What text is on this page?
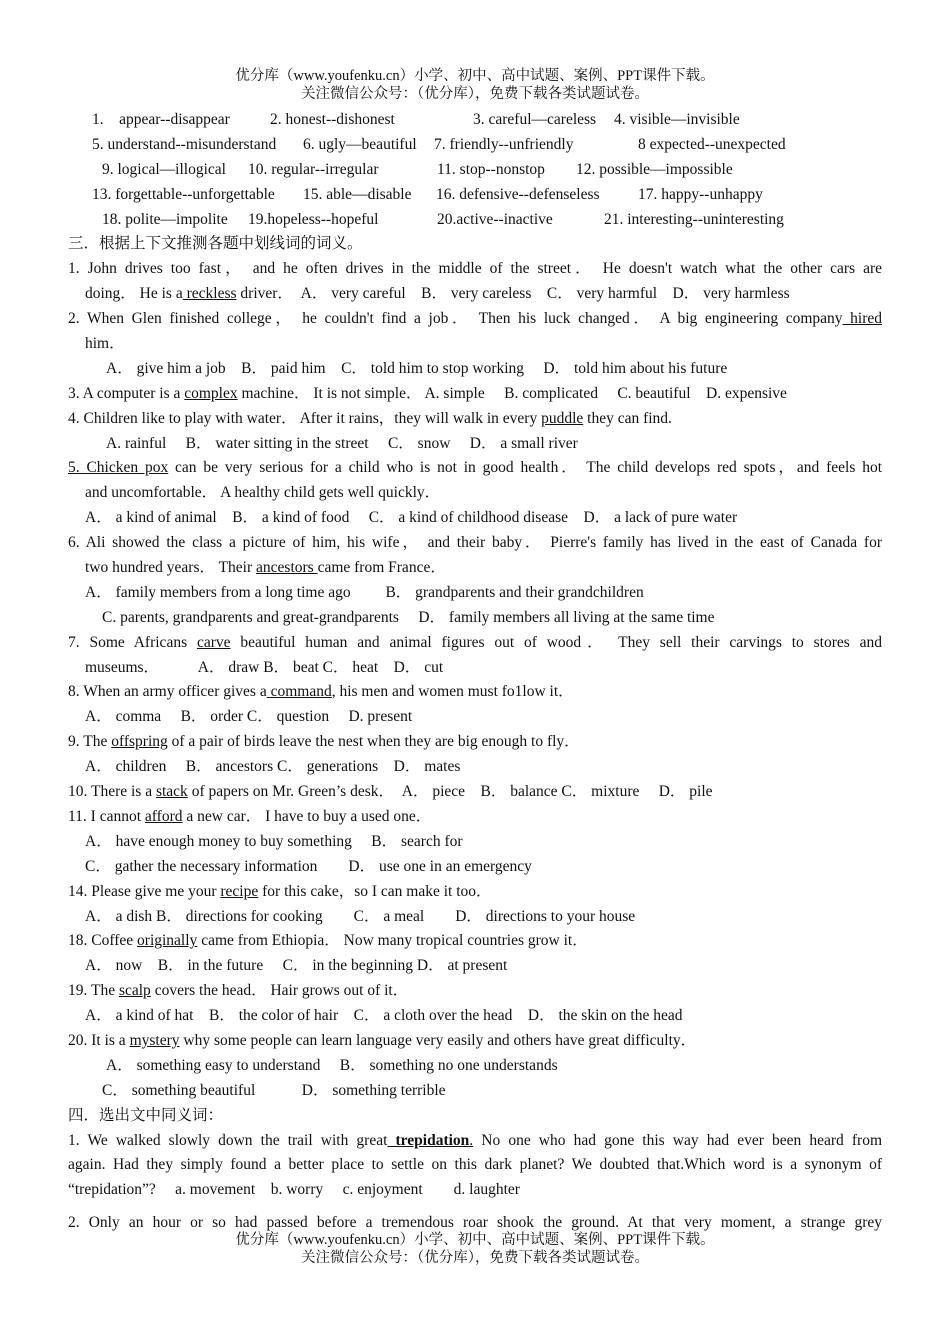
优分库（www.youfenku.cn）小学、初中、高中试题、案例、PPT课件下载。
关注微信公众号：（优分库），免费下载各类试题试卷。
1.　appear--disappear	2. honest--dishonest	3. careful—careless 4. visible—invisible
5. understand--misunderstand 6. ugly—beautiful 7. friendly--unfriendly	8 expected--unexpected
9. logical—illogical 10. regular--irregular	11. stop--nonstop 12. possible—impossible
13. forgettable--unforgettable 15. able—disable 16. defensive--defenseless 17. happy--unhappy
18. polite—impolite 19.hopeless--hopeful	20.active--inactive	21. interesting--uninteresting
三．根据上下文推测各题中划线词的词义。
1. John drives too fast， and he often drives in the middle of the street． He doesn't watch what the other cars are
doing． He is a reckless driver．　A． very careful　B． very careless　C． very harmful　D． very harmless
2. When Glen finished college， he couldn't find a job． Then his luck changed． A big engineering company hired
him．
A． give him a job　B． paid him　C． told him to stop working　 D． told him about his future
3. A computer is a complex machine． It is not simple． A. simple　 B. complicated　 C. beautiful　D. expensive
4. Children like to play with water． After it rains，they will walk in every puddle they can find.
A. rainful　 B． water sitting in the street　 C． snow　 D． a small river
5. Chicken pox can be very serious for a child who is not in good health． The child develops red spots，and feels hot
and uncomfortable． A healthy child gets well quickly．
A． a kind of animal　B． a kind of food　 C． a kind of childhood disease　D． a lack of pure water
6. Ali showed the class a picture of him, his wife， and their baby． Pierre's family has lived in the east of Canada for
two hundred years． Their ancestors came from France．
A． family members from a long time ago　　 B． grandparents and their grandchildren
C. parents, grandparents and great-grandparents　 D． family members all living at the same time
7. Some Africans carve beautiful human and animal figures out of wood． They sell their carvings to stores and
museums．　　　A． draw B． beat C． heat　D． cut
8. When an army officer gives a command, his men and women must fo1low it．
A． comma　 B． order C． question　 D. present
9. The offspring of a pair of birds leave the nest when they are big enough to fly．
A． children　 B． ancestors C． generations　D． mates
10. There is a stack of papers on Mr. Green’s desk．　A． piece　B． balance C． mixture　 D． pile
11. I cannot afford a new car． I have to buy a used one．
A． have enough money to buy something　 B． search for
C． gather the necessary information　　D． use one in an emergency
14. Please give me your recipe for this cake，so I can make it too．
A． a dish B． directions for cooking　　C． a meal　　D． directions to your house
18. Coffee originally came from Ethiopia． Now many tropical countries grow it．
A． now　B． in the future　 C． in the beginning D． at present
19. The scalp covers the head． Hair grows out of it．
A． a kind of hat　B． the color of hair　C． a cloth over the head　D． the skin on the head
20. It is a mystery why some people can learn language very easily and others have great difficulty．
A． something easy to understand　 B． something no one understands
C． something beautiful　　　D． something terrible
四．选出文中同义词：
1. We walked slowly down the trail with great trepidation. No one who had gone this way had ever been heard from
again. Had they simply found a better place to settle on this dark planet? We doubted that.Which word is a synonym of
“trepidation”?　 a. movement　b. worry　 c. enjoyment　　d. laughter
2. Only an hour or so had passed before a tremendous roar shook the ground. At that very moment, a strange grey
优分库（www.youfenku.cn）小学、初中、高中试题、案例、PPT课件下载。
关注微信公众号：（优分库），免费下载各类试题试卷。
